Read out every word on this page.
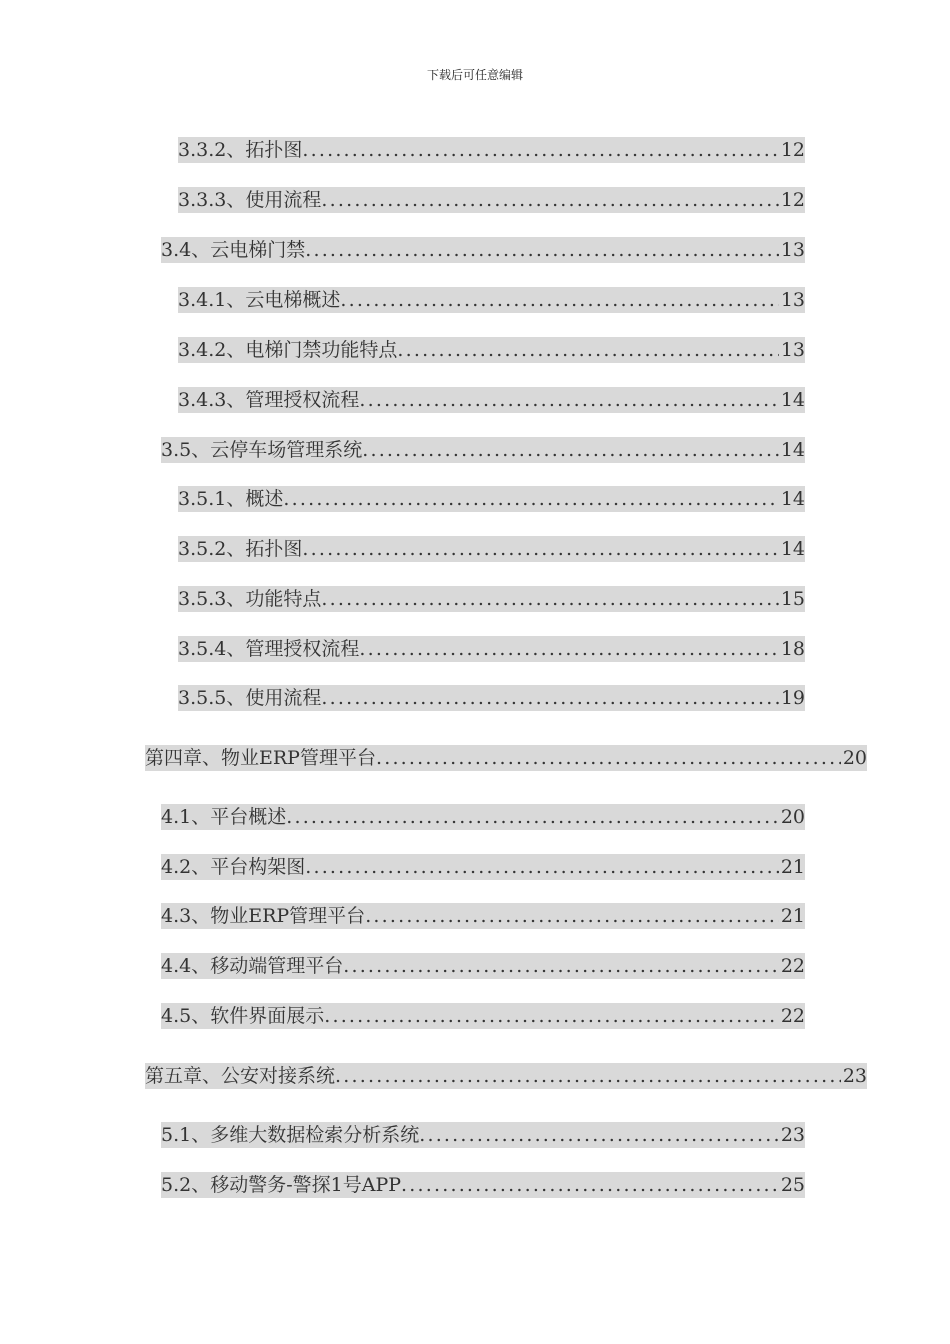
下载后可任意编辑
3.3.2、拓扑图 .....	12
3.3.3、使用流程 .....	12
3.4、云电梯门禁 .....	13
3.4.1、云电梯概述 .....	13
3.4.2、电梯门禁功能特点 .....	13
3.4.3、管理授权流程 .....	14
3.5、云停车场管理系统 .....	14
3.5.1、概述 .....	14
3.5.2、拓扑图 .....	14
3.5.3、功能特点 .....	15
3.5.4、管理授权流程 .....	18
3.5.5、使用流程 .....	19
第四章、物业ERP管理平台 .....	20
4.1、平台概述 .....	20
4.2、平台构架图 .....	21
4.3、物业ERP管理平台 .....	21
4.4、移动端管理平台 .....	22
4.5、软件界面展示 .....	22
第五章、公安对接系统 .....	23
5.1、多维大数据检索分析系统 .....	23
5.2、移动警务-警探1号APP .....	25
